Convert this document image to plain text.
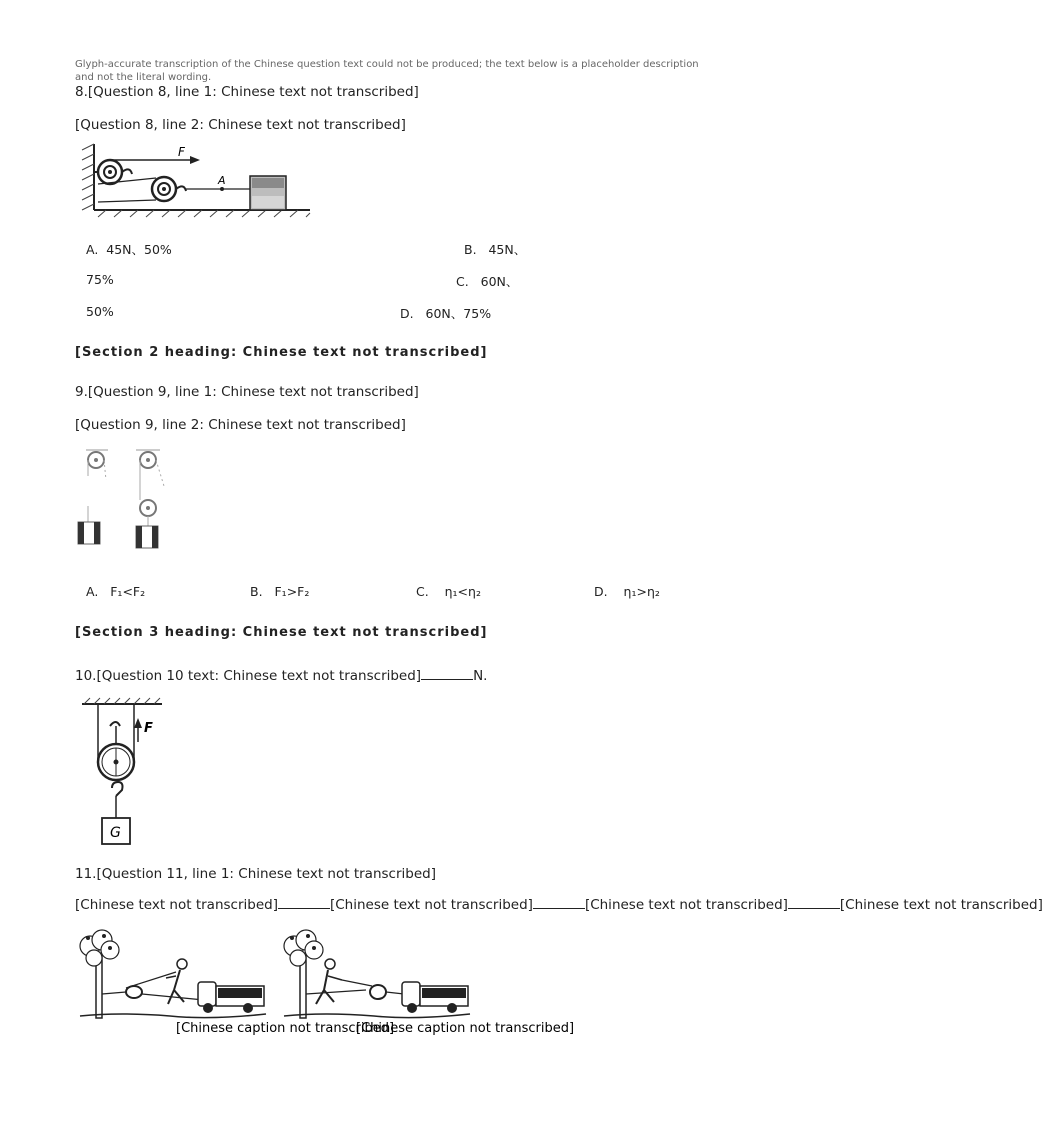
Glyph-accurate transcription of the Chinese question text could not be produced; the text below is a placeholder description and not the literal wording.
8.[Question 8, line 1: Chinese text not transcribed]
[Question 8, line 2: Chinese text not transcribed]
F
A
A. 45N、50%	B. 45N、
75%	C. 60N、
50%	D. 60N、75%
[Section 2 heading: Chinese text not transcribed]
9.[Question 9, line 1: Chinese text not transcribed]
[Question 9, line 2: Chinese text not transcribed]
A. F₁<F₂	B. F₁>F₂	C. η₁<η₂	D. η₁>η₂
[Section 3 heading: Chinese text not transcribed]
10.[Question 10 text: Chinese text not transcribed]	N.
F
G
11.[Question 11, line 1: Chinese text not transcribed]
[Chinese text not transcribed]	[Chinese text not transcribed]	[Chinese text not transcribed]	[Chinese text not transcribed]
[Chinese caption not transcribed]
[Chinese caption not transcribed]
